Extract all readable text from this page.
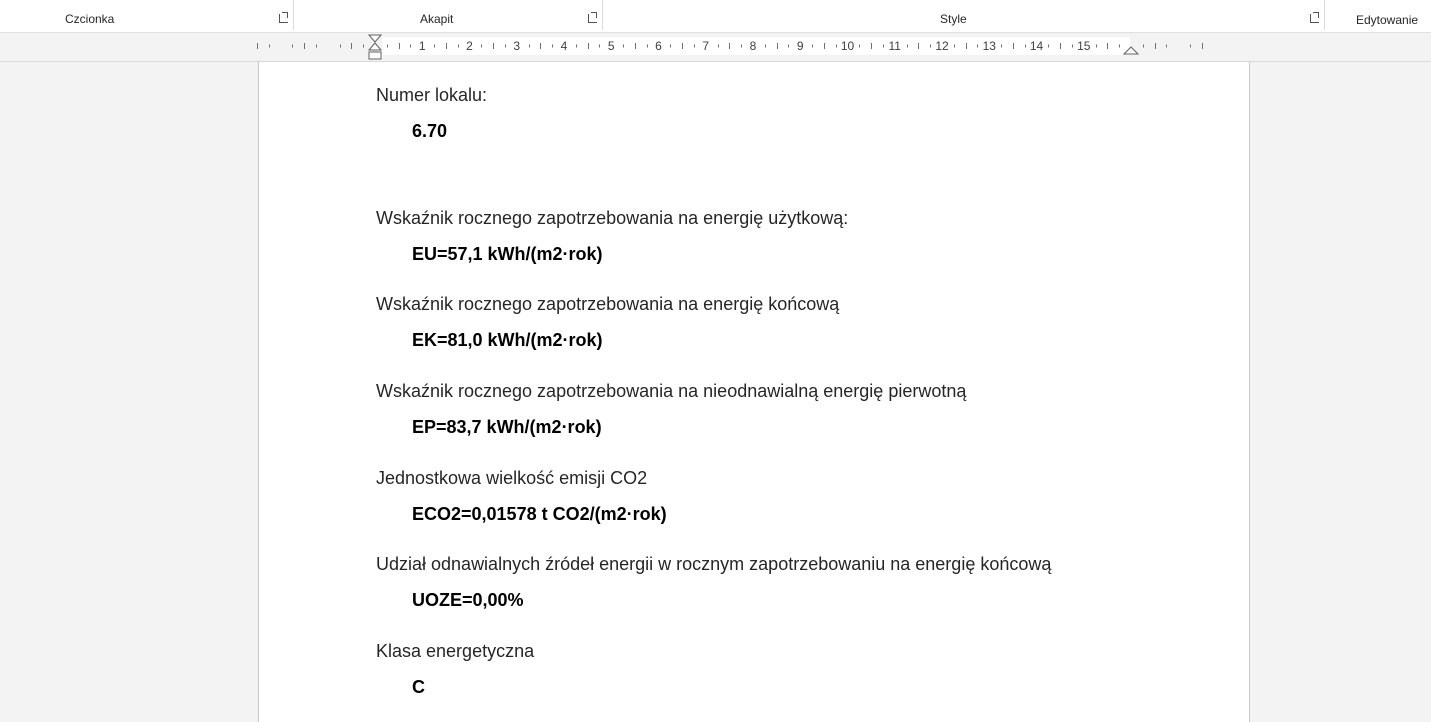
Czcionka	Akapit	Style	Edytowanie
1	2	3	4	5	6	7	8	9	10	11	12	13	14	15
Numer lokalu:
6.70
Wskaźnik rocznego zapotrzebowania na energię użytkową:
EU=57,1 kWh/(m2·rok)
Wskaźnik rocznego zapotrzebowania na energię końcową
EK=81,0 kWh/(m2·rok)
Wskaźnik rocznego zapotrzebowania na nieodnawialną energię pierwotną
EP=83,7 kWh/(m2·rok)
Jednostkowa wielkość emisji CO2
ECO2=0,01578 t CO2/(m2·rok)
Udział odnawialnych źródeł energii w rocznym zapotrzebowaniu na energię końcową
UOZE=0,00%
Klasa energetyczna
C
